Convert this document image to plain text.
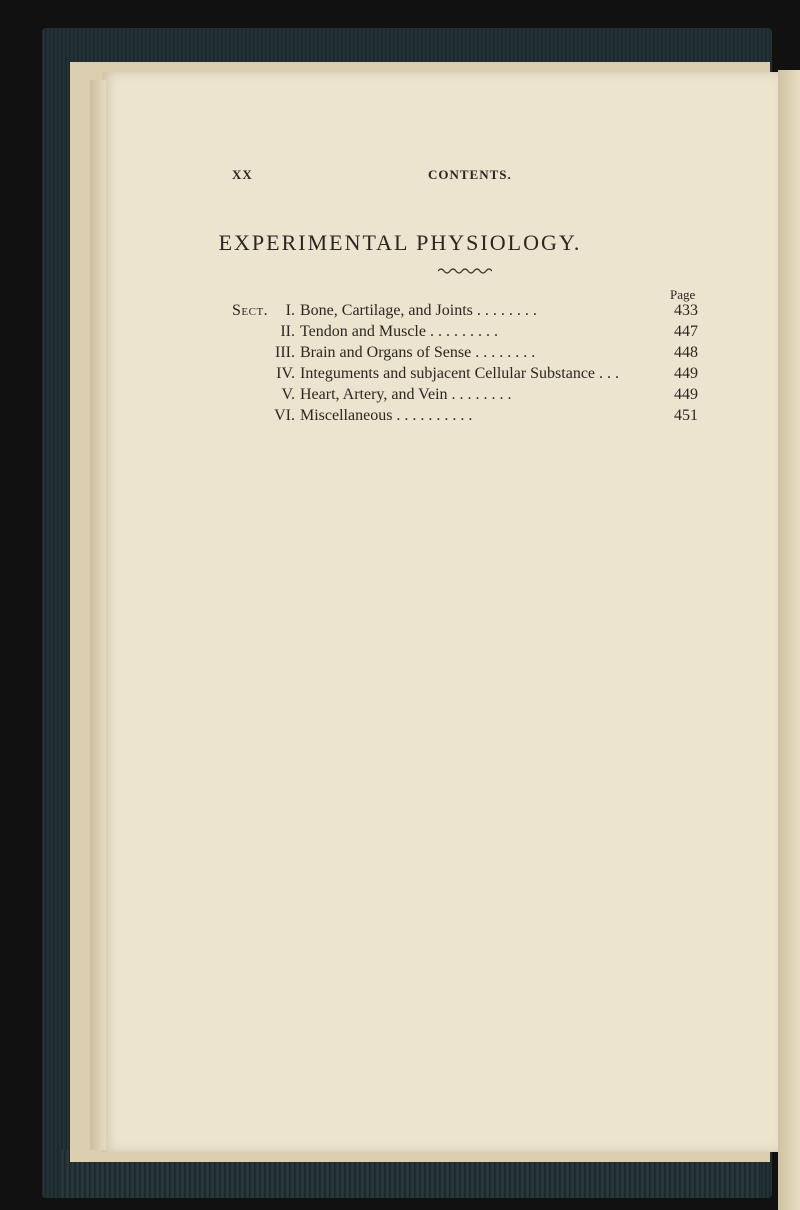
XX	CONTENTS.
EXPERIMENTAL PHYSIOLOGY.
Page
Sect. I. Bone, Cartilage, and Joints . . . . . . . .	433
II. Tendon and Muscle . . . . . . . . .	447
III. Brain and Organs of Sense . . . . . . . .	448
IV. Integuments and subjacent Cellular Substance . . .	449
V. Heart, Artery, and Vein . . . . . . . .	449
VI. Miscellaneous . . . . . . . . . .	451
